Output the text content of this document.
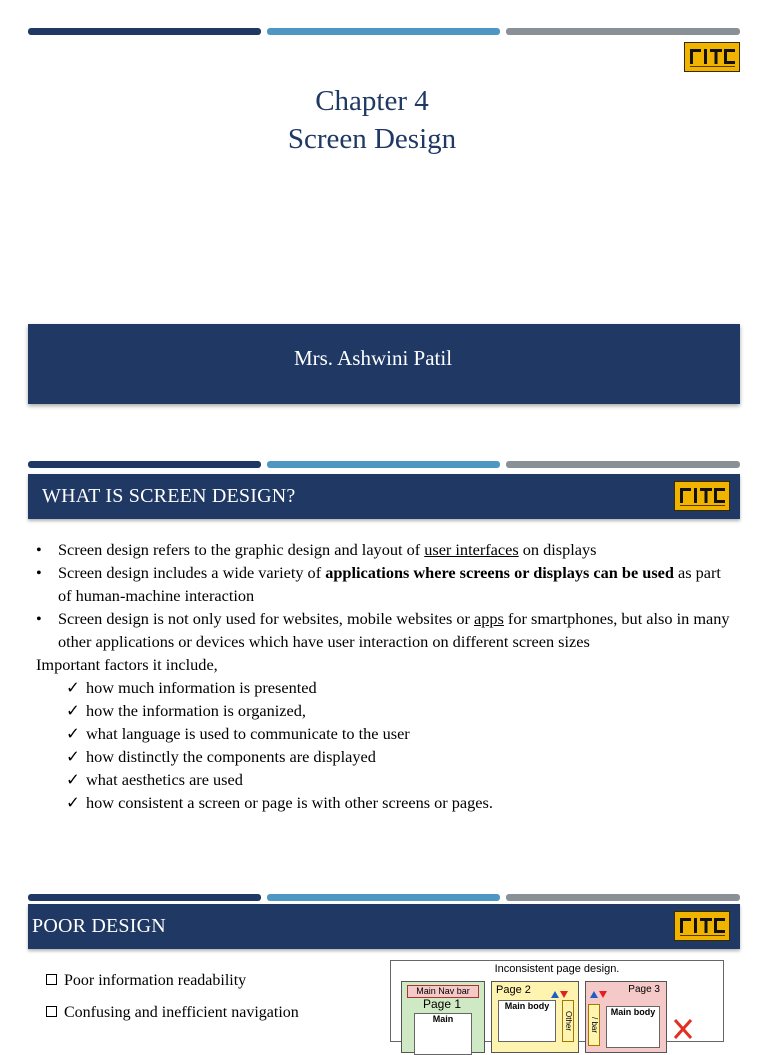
Chapter 4
Screen Design
Mrs. Ashwini Patil
WHAT IS SCREEN DESIGN?
• Screen design refers to the graphic design and layout of user interfaces on displays
• Screen design includes a wide variety of applications where screens or displays can be used as part of human-machine interaction
• Screen design is not only used for websites, mobile websites or apps for smartphones, but also in many other applications or devices which have user interaction on different screen sizes
Important factors it include,
✓ how much information is presented
✓ how the information is organized,
✓ what language is used to communicate to the user
✓ how distinctly the components are displayed
✓ what aesthetics are used
✓ how consistent a screen or page is with other screens or pages.
POOR DESIGN
Poor information readability
Confusing and inefficient navigation
Inconsistent page design.
Main Nav bar
Page 1
Main
Page 2
Main body
Other
Page 3
/ bar
Main body
